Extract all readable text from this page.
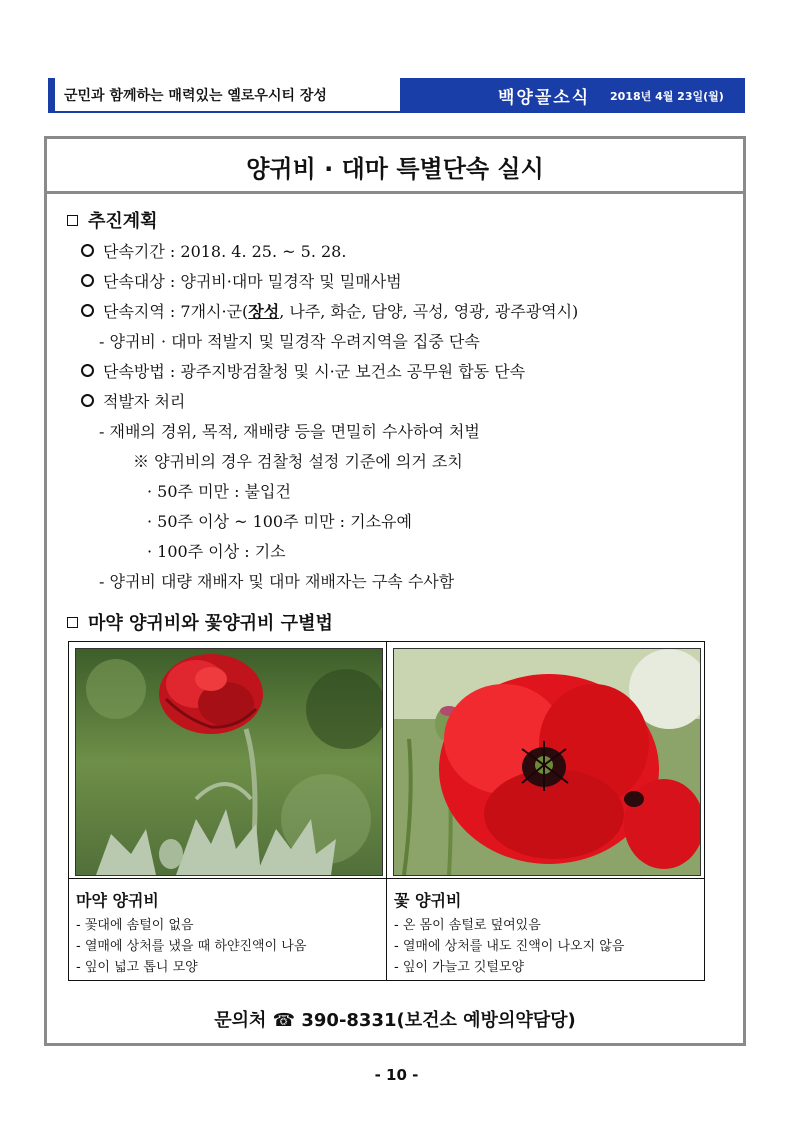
군민과 함께하는 매력있는 옐로우시티 장성	백양골소식 2018년 4월 23일(월)
양귀비 · 대마 특별단속 실시
추진계획
단속기간 : 2018. 4. 25. ~ 5. 28.
단속대상 : 양귀비·대마 밀경작 및 밀매사범
단속지역 : 7개시·군(장성, 나주, 화순, 담양, 곡성, 영광, 광주광역시)
- 양귀비 · 대마 적발지 및 밀경작 우려지역을 집중 단속
단속방법 : 광주지방검찰청 및 시·군 보건소 공무원 합동 단속
적발자 처리
- 재배의 경위, 목적, 재배량 등을 면밀히 수사하여 처벌
※ 양귀비의 경우 검찰청 설정 기준에 의거 조치
· 50주 미만 : 불입건
· 50주 이상 ~ 100주 미만 : 기소유예
· 100주 이상 : 기소
- 양귀비 대량 재배자 및 대마 재배자는 구속 수사함
마약 양귀비와 꽃양귀비 구별법
마약 양귀비
- 꽃대에 솜털이 없음
- 열매에 상처를 냈을 때 하얀진액이 나옴
- 잎이 넓고 톱니 모양
꽃 양귀비
- 온 몸이 솜털로 덮여있음
- 열매에 상처를 내도 진액이 나오지 않음
- 잎이 가늘고 깃털모양
문의처 ☎ 390-8331(보건소 예방의약담당)
- 10 -
